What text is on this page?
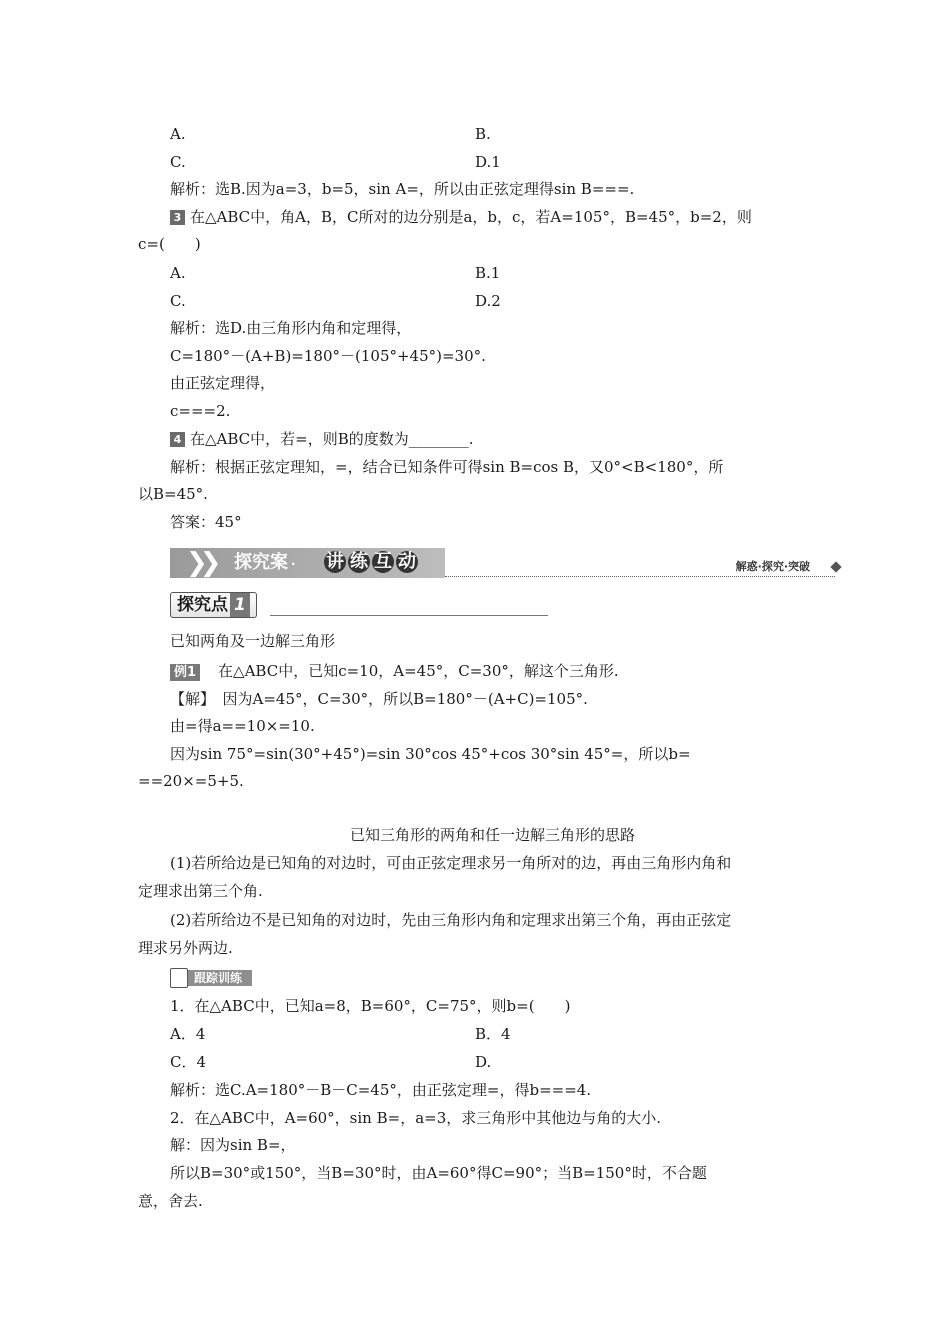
A.	B.
C.	D.1
解析：选B.因为a=3，b=5，sin A=，所以由正弦定理得sin B===.
3 在△ABC中，角A，B，C所对的边分别是a，b，c，若A=105°，B=45°，b=2，则
c=(　　)
A.	B.1
C.	D.2
解析：选D.由三角形内角和定理得，
C=180°－(A+B)=180°－(105°+45°)=30°.
由正弦定理得，
c===2.
4 在△ABC中，若=，则B的度数为________.
解析：根据正弦定理知，=，结合已知条件可得sin B=cos B，又0°<B<180°，所
以B=45°.
答案：45°
已知两角及一边解三角形
例1 在△ABC中，已知c=10，A=45°，C=30°，解这个三角形.
【解】　因为A=45°，C=30°，所以B=180°－(A+C)=105°.
由=得a==10×=10.
因为sin 75°=sin(30°+45°)=sin 30°cos 45°+cos 30°sin 45°=，所以b=
==20×=5+5.
(1)若所给边是已知角的对边时，可由正弦定理求另一角所对的边，再由三角形内角和
定理求出第三个角.
(2)若所给边不是已知角的对边时，先由三角形内角和定理求出第三个角，再由正弦定
理求另外两边.
1．在△ABC中，已知a=8，B=60°，C=75°，则b=(　　)
A．4	B．4
C．4	D.
解析：选C.A=180°－B－C=45°，由正弦定理=，得b===4.
2．在△ABC中，A=60°，sin B=，a=3，求三角形中其他边与角的大小.
解：因为sin B=，
所以B=30°或150°，当B=30°时，由A=60°得C=90°；当B=150°时，不合题
意，舍去.
❯❯ 探究案 · 讲 练 互 动	解惑·探究·突破
探究点 1
已知三角形的两角和任一边解三角形的思路
跟踪训练
